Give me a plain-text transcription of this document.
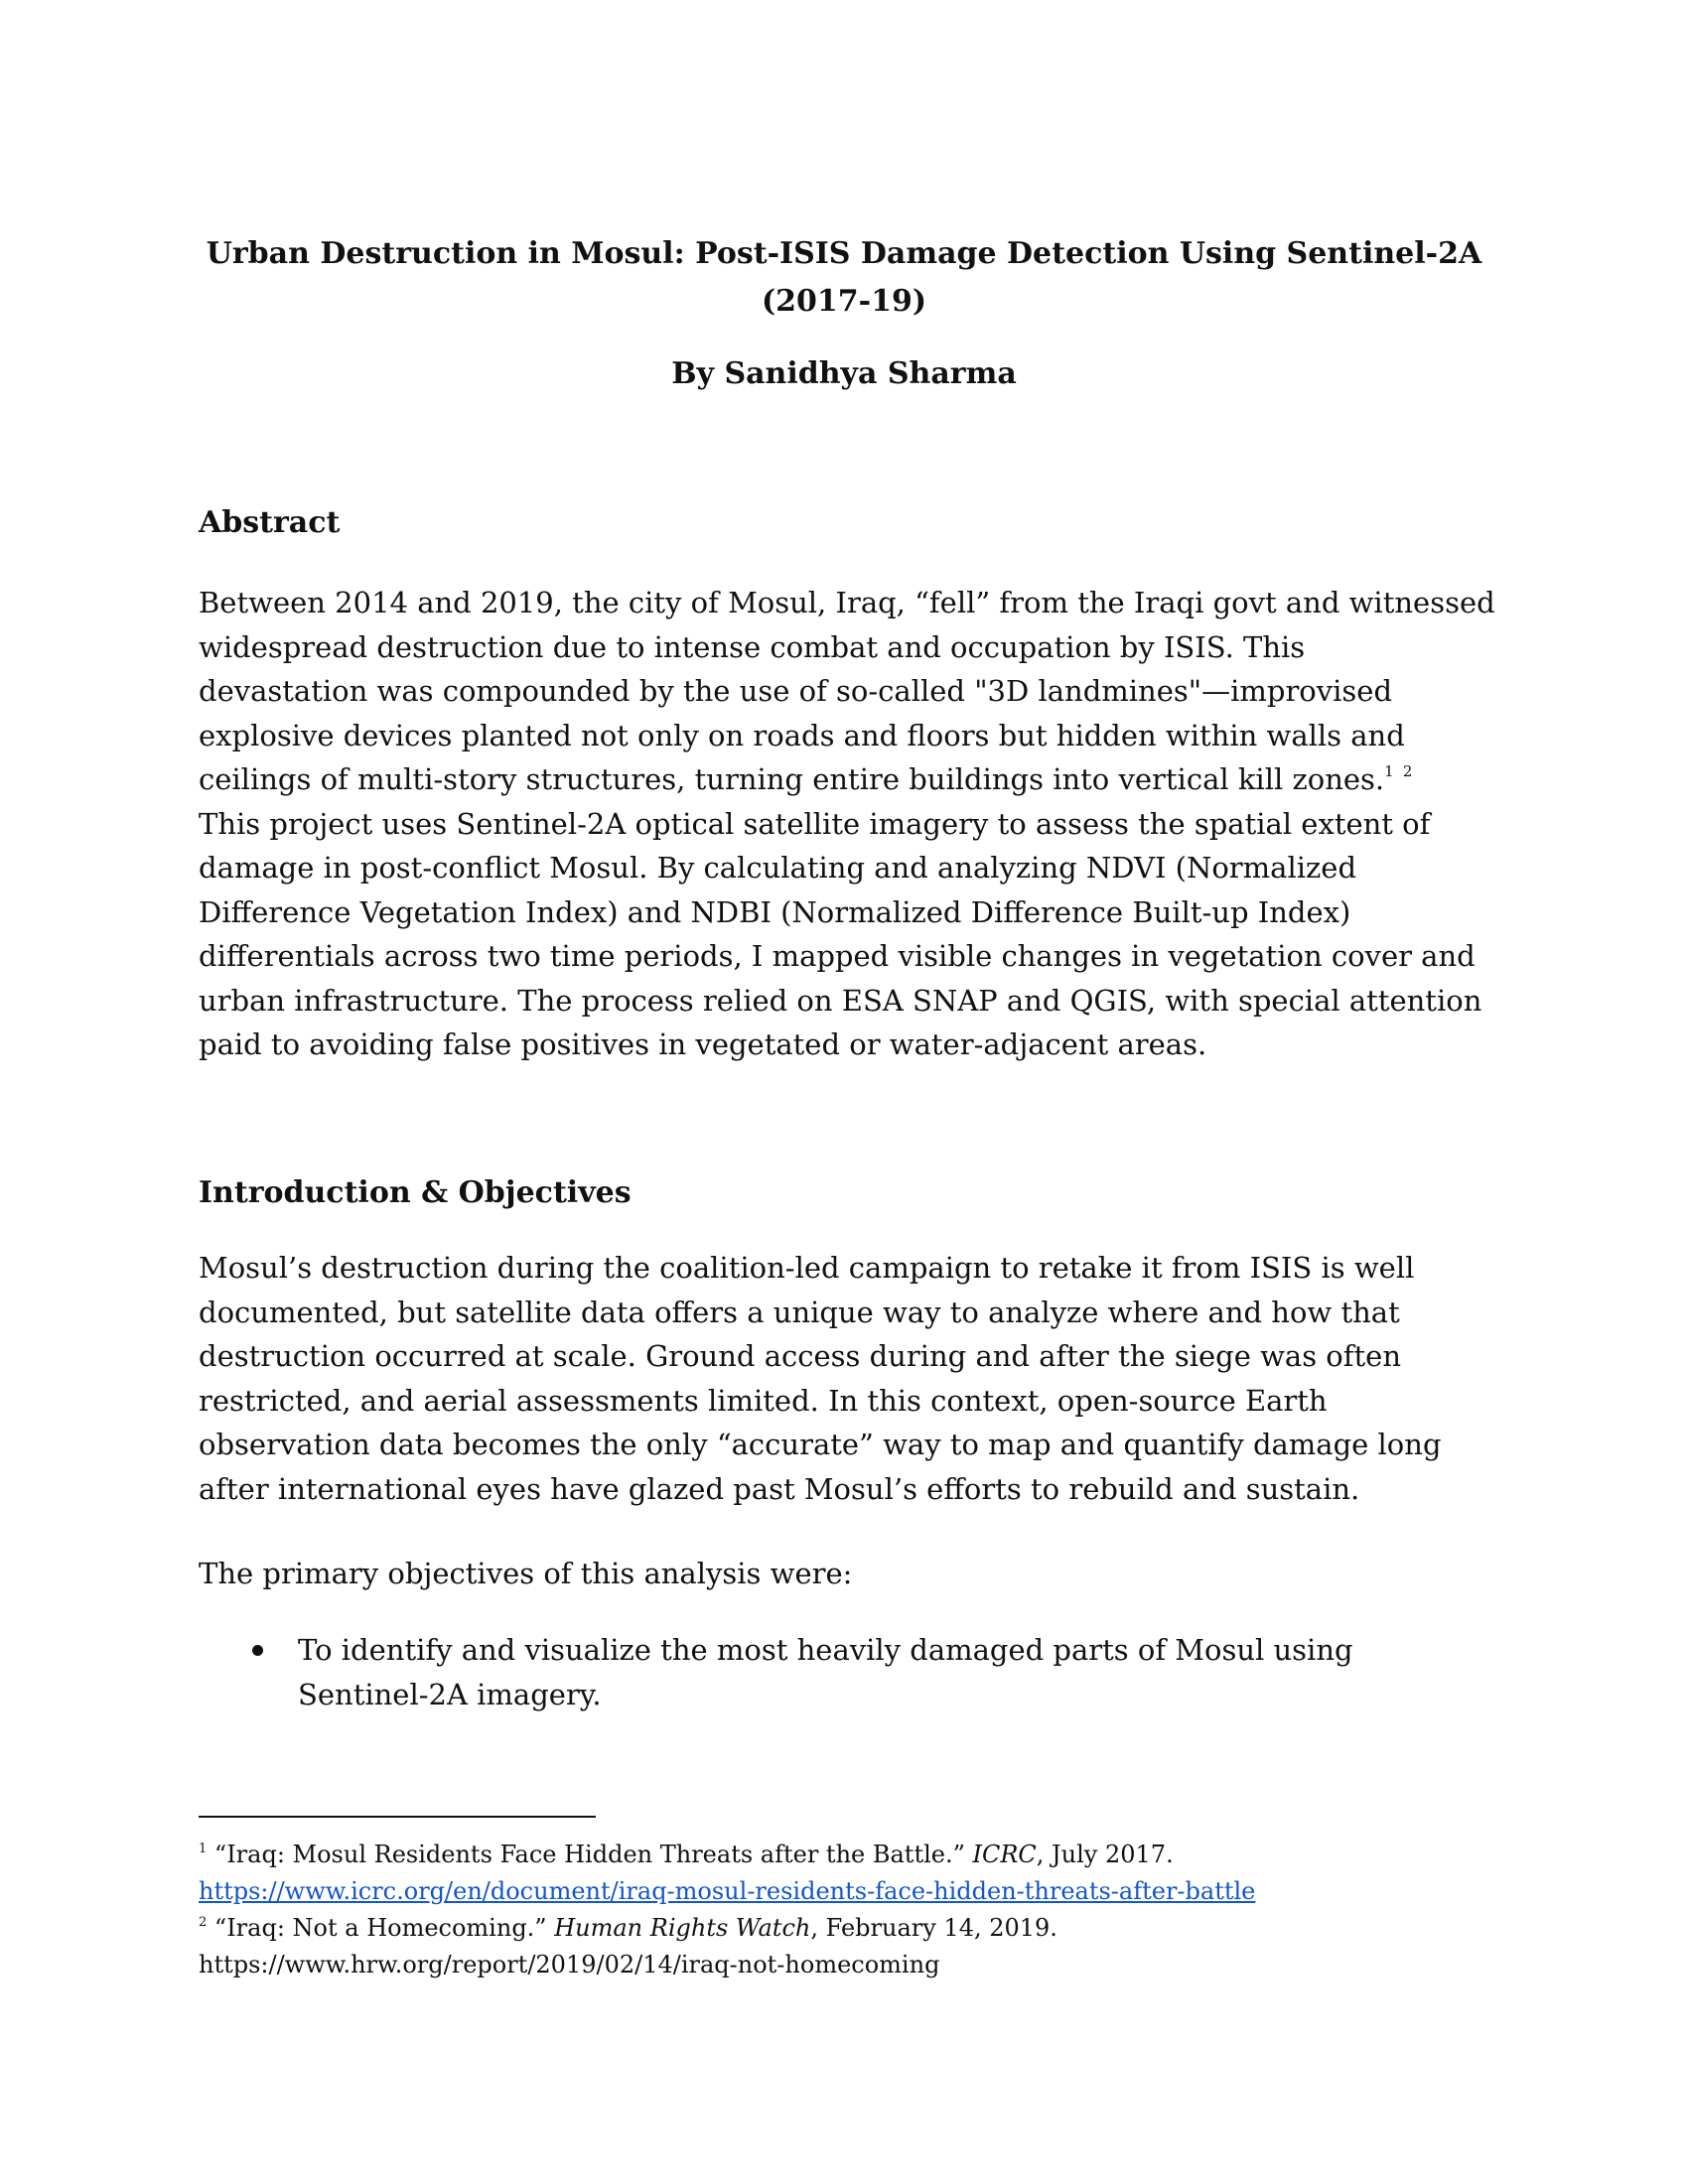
Urban Destruction in Mosul: Post-ISIS Damage Detection Using Sentinel-2A
(2017-19)

By Sanidhya Sharma

Abstract
Between 2014 and 2019, the city of Mosul, Iraq, “fell” from the Iraqi govt and witnessed
widespread destruction due to intense combat and occupation by ISIS. This
devastation was compounded by the use of so-called "3D landmines"—improvised
explosive devices planted not only on roads and floors but hidden within walls and
ceilings of multi-story structures, turning entire buildings into vertical kill zones.$^1$ $^2$
This project uses Sentinel-2A optical satellite imagery to assess the spatial extent of
damage in post-conflict Mosul. By calculating and analyzing NDVI (Normalized
Difference Vegetation Index) and NDBI (Normalized Difference Built-up Index)
differentials across two time periods, I mapped visible changes in vegetation cover and
urban infrastructure. The process relied on ESA SNAP and QGIS, with special attention
paid to avoiding false positives in vegetated or water-adjacent areas.
Introduction & Objectives
Mosul’s destruction during the coalition-led campaign to retake it from ISIS is well
documented, but satellite data offers a unique way to analyze where and how that
destruction occurred at scale. Ground access during and after the siege was often
restricted, and aerial assessments limited. In this context, open-source Earth
observation data becomes the only “accurate” way to map and quantify damage long
after international eyes have glazed past Mosul’s efforts to rebuild and sustain.

The primary objectives of this analysis were:

To identify and visualize the most heavily damaged parts of Mosul using
Sentinel-2A imagery.
$^1$ “Iraq: Mosul Residents Face Hidden Threats after the Battle.” ICRC, July 2017.
https://www.icrc.org/en/document/iraq-mosul-residents-face-hidden-threats-after-battle
$^2$ “Iraq: Not a Homecoming.” Human Rights Watch, February 14, 2019.
https://www.hrw.org/report/2019/02/14/iraq-not-homecoming
